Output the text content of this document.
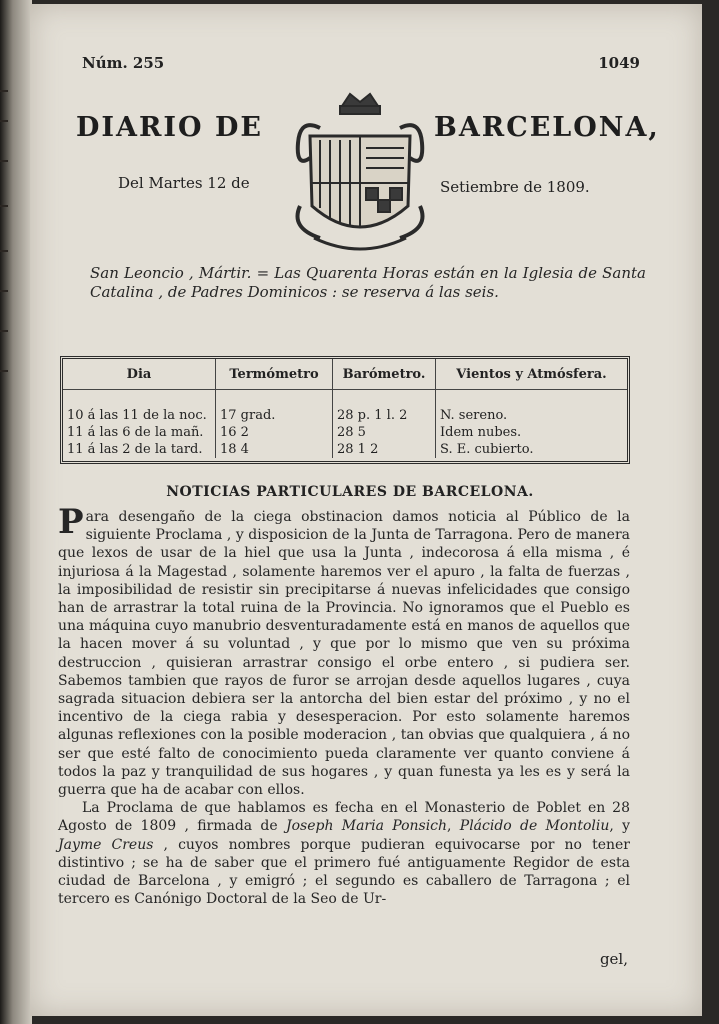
Núm. 255	1049
DIARIO DE	BARCELONA,
Del Martes 12 de	Setiembre de 1809.
San Leoncio , Mártir. = Las Quarenta Horas están en la Iglesia de Santa Catalina , de Padres Dominicos : se reserva á las seis.
Dia	Termómetro	Barómetro.	Vientos y Atmósfera.

10 á las 11 de la noc.	17 grad.	28 p. 1 l. 2	N. sereno.
11 á las 6 de la mañ.	16 2	28 5	Idem nubes.
11 á las 2 de la tard.	18 4	28 1 2	S. E. cubierto.
NOTICIAS PARTICULARES DE BARCELONA.

Para desengaño de la ciega obstinacion damos noticia al Público de la siguiente Proclama , y disposicion de la Junta de Tarragona. Pero de manera que lexos de usar de la hiel que usa la Junta , indecorosa á ella misma , é injuriosa á la Magestad , solamente haremos ver el apuro , la falta de fuerzas , la imposibilidad de resistir sin precipitarse á nuevas infelicidades que consigo han de arrastrar la total ruina de la Provincia. No ignoramos que el Pueblo es una máquina cuyo manubrio desventuradamente está en manos de aquellos que la hacen mover á su voluntad , y que por lo mismo que ven su próxima destruccion , quisieran arrastrar consigo el orbe entero , si pudiera ser. Sabemos tambien que rayos de furor se arrojan desde aquellos lugares , cuya sagrada situacion debiera ser la antorcha del bien estar del próximo , y no el incentivo de la ciega rabia y desesperacion. Por esto solamente haremos algunas reflexiones con la posible moderacion , tan obvias que qualquiera , á no ser que esté falto de conocimiento pueda claramente ver quanto conviene á todos la paz y tranquilidad de sus hogares , y quan funesta ya les es y será la guerra que ha de acabar con ellos.

La Proclama de que hablamos es fecha en el Monasterio de Poblet en 28 Agosto de 1809 , firmada de Joseph Maria Ponsich, Plácido de Montoliu, y Jayme Creus , cuyos nombres porque pudieran equivocarse por no tener distintivo ; se ha de saber que el primero fué antiguamente Regidor de esta ciudad de Barcelona , y emigró ; el segundo es caballero de Tarragona ; el tercero es Canónigo Doctoral de la Seo de Ur-

gel,
